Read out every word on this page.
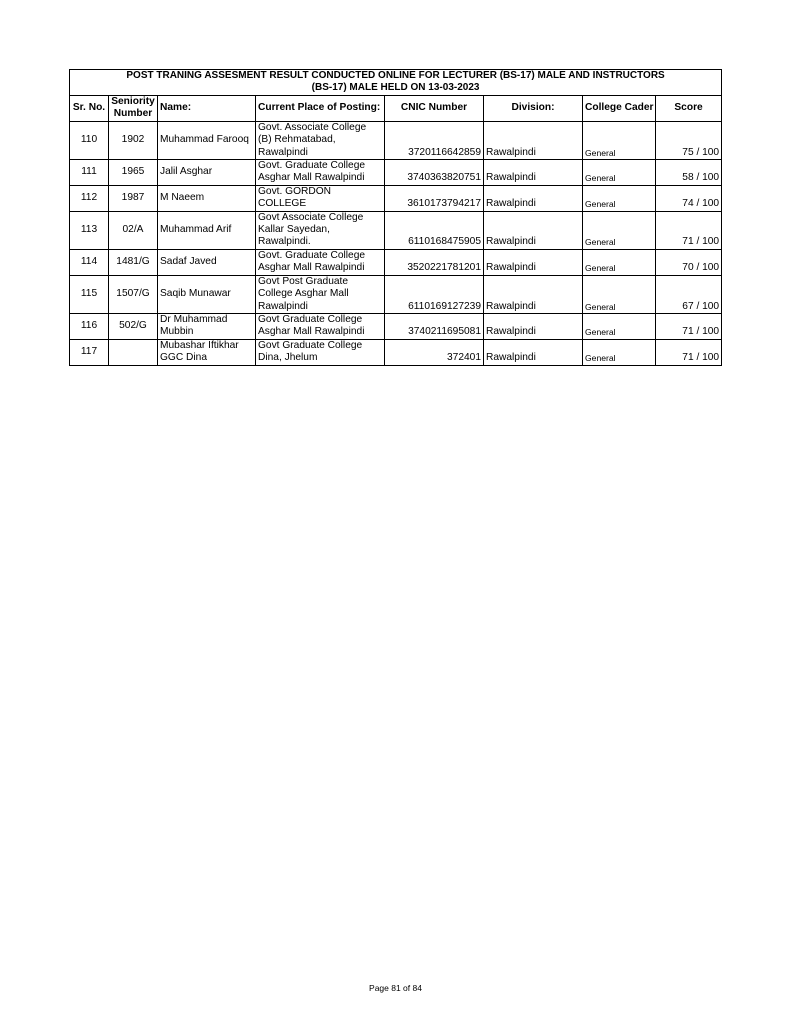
POST TRANING ASSESMENT RESULT CONDUCTED ONLINE FOR LECTURER (BS-17) MALE AND INSTRUCTORS
(BS-17) MALE HELD ON 13-03-2023							

Sr. No.	Seniority Number	Name:	Current Place of Posting:	CNIC Number	Division:	College Cader	Score
110	1902	Muhammad Farooq	Govt. Associate College
(B) Rehmatabad,
Rawalpindi	3720116642859	Rawalpindi	General	75 / 100
111	1965	Jalil Asghar	Govt. Graduate College
Asghar Mall Rawalpindi	3740363820751	Rawalpindi	General	58 / 100
112	1987	M Naeem	Govt. GORDON
COLLEGE	3610173794217	Rawalpindi	General	74 / 100
113	02/A	Muhammad Arif	Govt Associate College
Kallar Sayedan,
Rawalpindi.	6110168475905	Rawalpindi	General	71 / 100
114	1481/G	Sadaf Javed	Govt. Graduate College
Asghar Mall Rawalpindi	3520221781201	Rawalpindi	General	70 / 100
115	1507/G	Saqib Munawar	Govt Post Graduate
College Asghar Mall
Rawalpindi	6110169127239	Rawalpindi	General	67 / 100
116	502/G	Dr Muhammad Mubbin	Govt Graduate College
Asghar Mall Rawalpindi	3740211695081	Rawalpindi	General	71 / 100
117		Mubashar Iftikhar GGC Dina	Govt Graduate College
Dina, Jhelum	372401	Rawalpindi	General	71 / 100
Page 81 of 84
